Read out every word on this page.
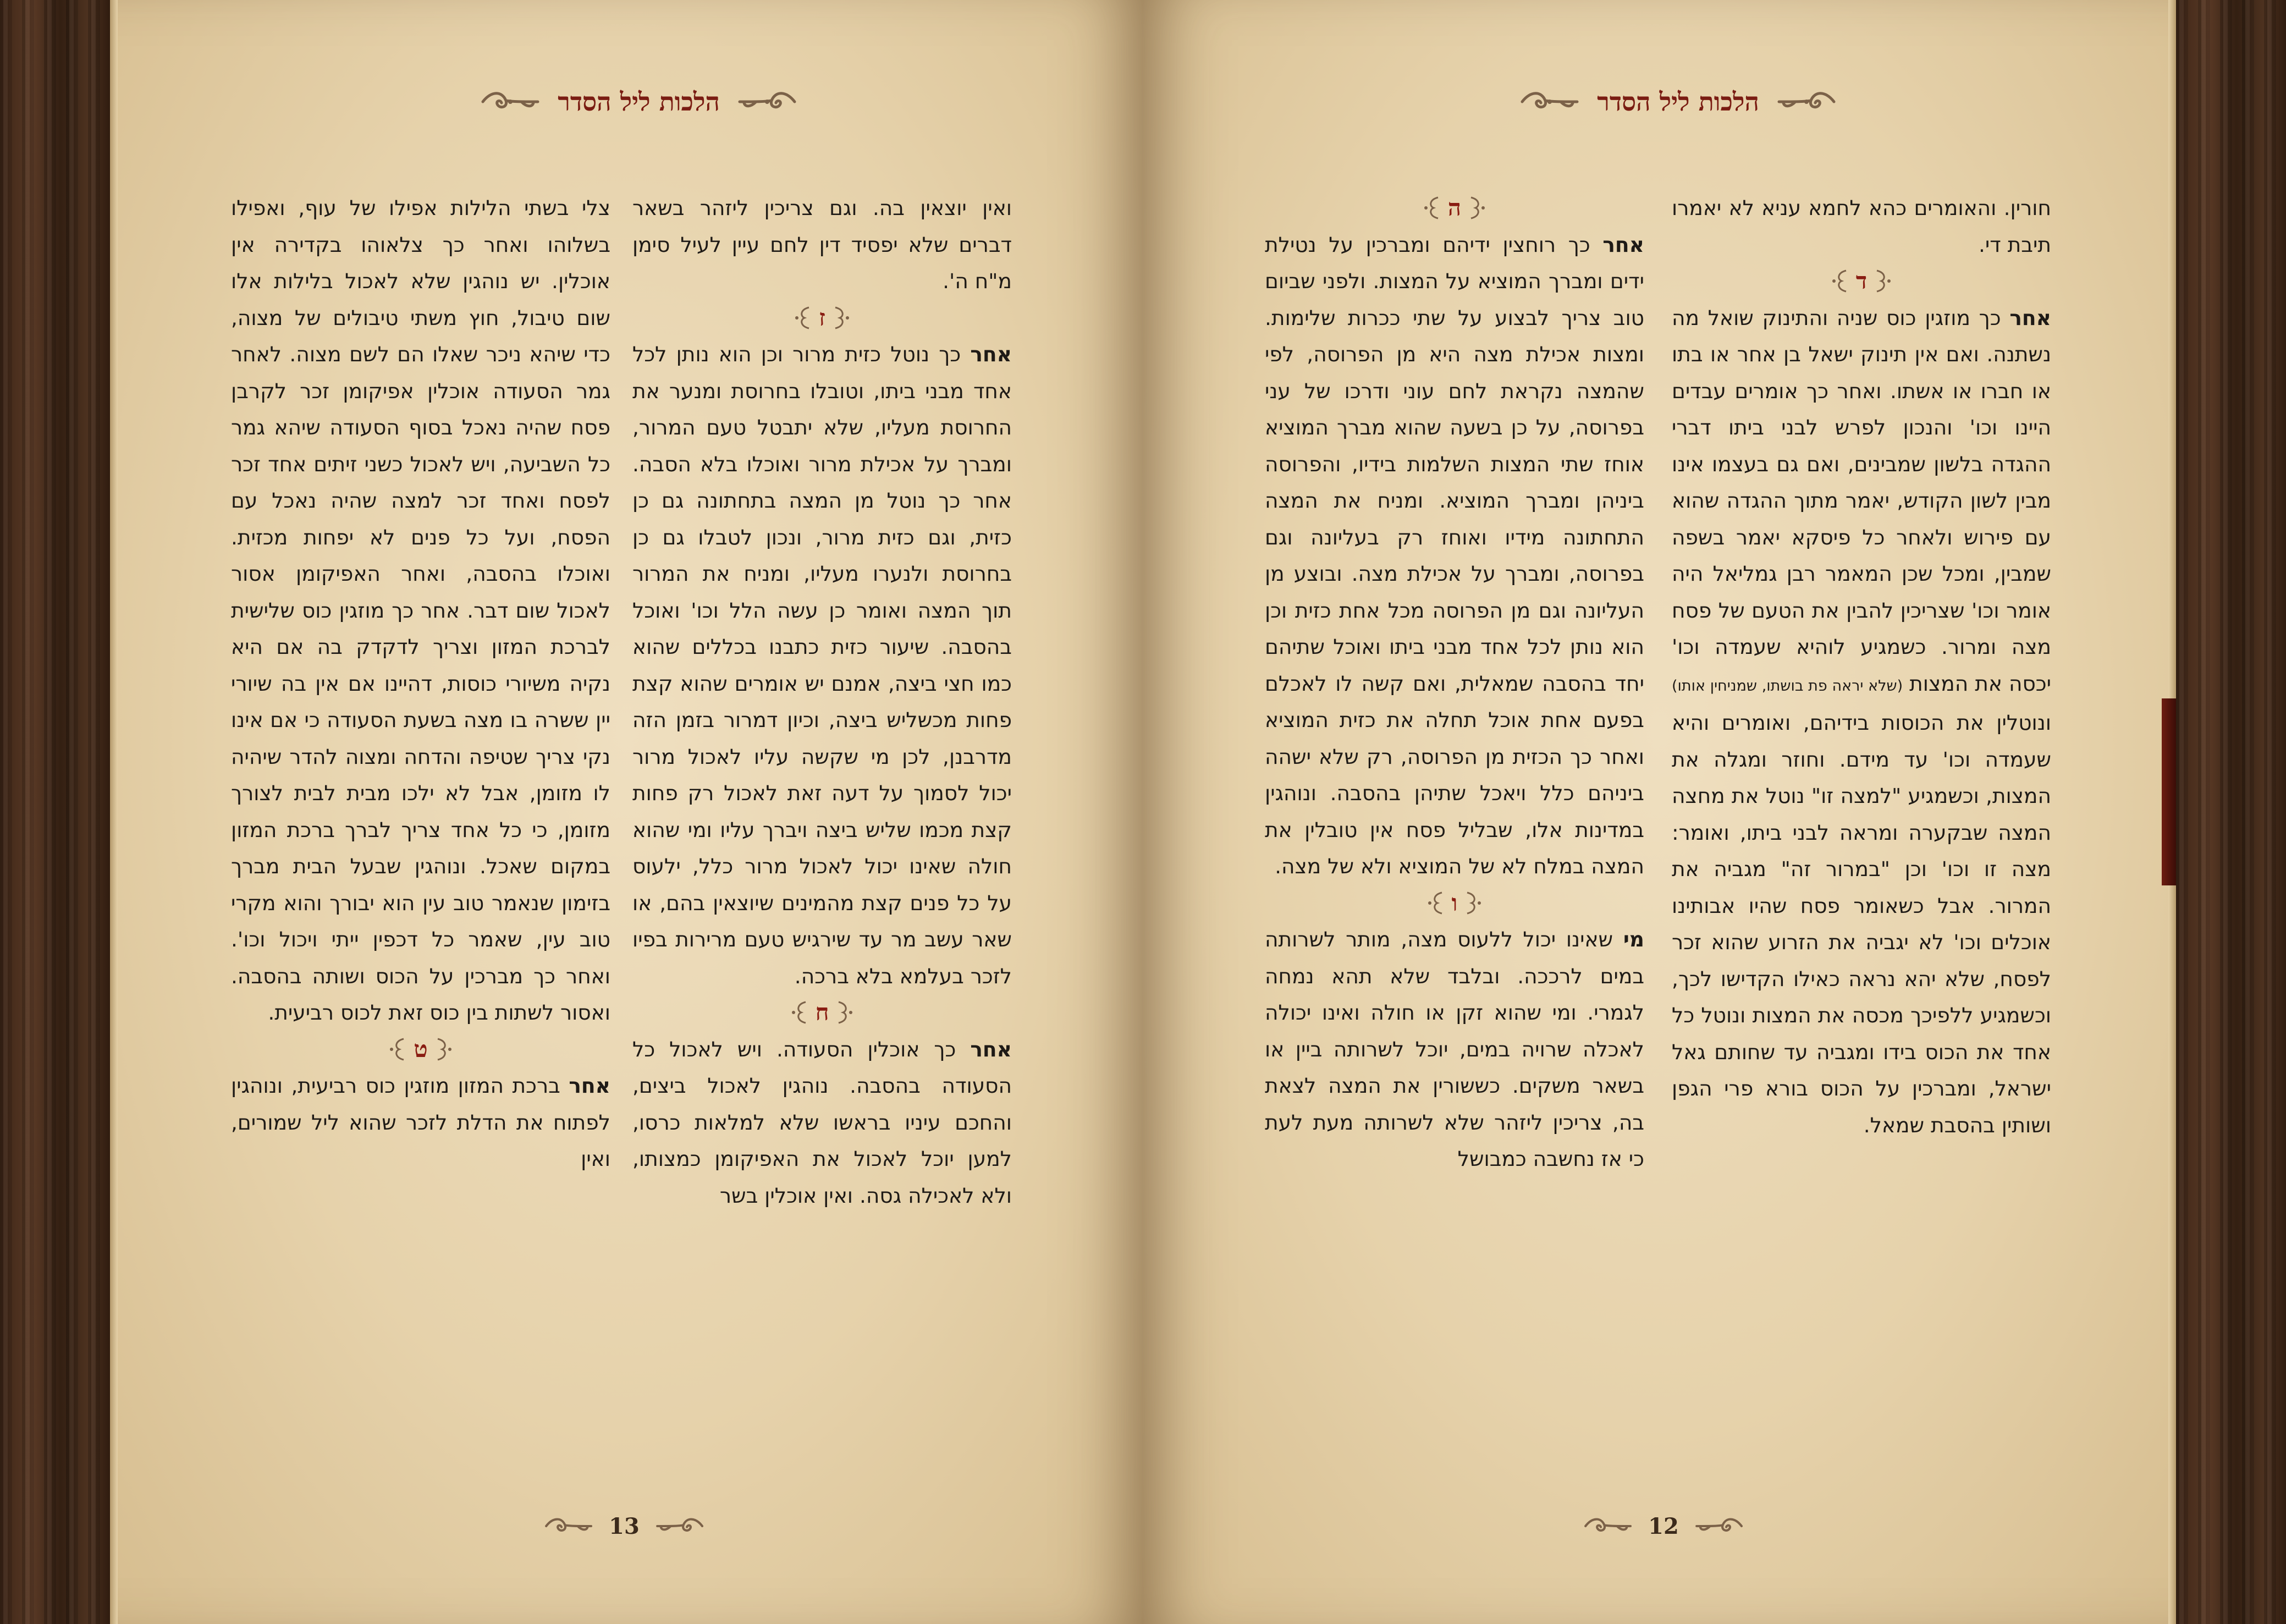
הלכות ליל הסדר	הלכות ליל הסדר

צלי בשתי הלילות אפילו של עוף, ואפילו בשלוהו ואחר כך צלאוהו בקדירה אין אוכלין. יש נוהגין שלא לאכול בלילות אלו שום טיבול, חוץ משתי טיבולים של מצוה, כדי שיהא ניכר שאלו הם לשם מצוה. לאחר גמר הסעודה אוכלין אפיקומן זכר לקרבן פסח שהיה נאכל בסוף הסעודה שיהא גמר כל השביעה, ויש לאכול כשני זיתים אחד זכר לפסח ואחד זכר למצה שהיה נאכל עם הפסח, ועל כל פנים לא יפחות מכזית. ואוכלו בהסבה, ואחר האפיקומן אסור לאכול שום דבר. אחר כך מוזגין כוס שלישית לברכת המזון וצריך לדקדק בה אם היא נקיה משיורי כוסות, דהיינו אם אין בה שיורי יין ששרה בו מצה בשעת הסעודה כי אם אינו נקי צריך שטיפה והדחה ומצוה להדר שיהיה לו מזומן, אבל לא ילכו מבית לבית לצורך מזומן, כי כל אחד צריך לברך ברכת המזון במקום שאכל. ונוהגין שבעל הבית מברך בזימון שנאמר טוב עין הוא יבורך והוא מקרי טוב עין, שאמר כל דכפין ייתי ויכול וכו'. ואחר כך מברכין על הכוס ושותה בהסבה. ואסור לשתות בין כוס זאת לכוס רביעית.

ט

אחר ברכת המזון מוזגין כוס רביעית, ונוהגין לפתוח את הדלת לזכר שהוא ליל שמורים, ואין

ואין יוצאין בה. וגם צריכין ליזהר בשאר דברים שלא יפסיד דין לחם עיין לעיל סימן מ"ח ה'.

ז

אחר כך נוטל כזית מרור וכן הוא נותן לכל אחד מבני ביתו, וטובלו בחרוסת ומנער את החרוסת מעליו, שלא יתבטל טעם המרור, ומברך על אכילת מרור ואוכלו בלא הסבה. אחר כך נוטל מן המצה בתחתונה גם כן כזית, וגם כזית מרור, ונכון לטבלו גם כן בחרוסת ולנערו מעליו, ומניח את המרור תוך המצה ואומר כן עשה הלל וכו' ואוכל בהסבה. שיעור כזית כתבנו בכללים שהוא כמו חצי ביצה, אמנם יש אומרים שהוא קצת פחות מכשליש ביצה, וכיון דמרור בזמן הזה מדרבנן, לכן מי שקשה עליו לאכול מרור יכול לסמוך על דעה זאת לאכול רק פחות קצת מכמו שליש ביצה ויברך עליו ומי שהוא חולה שאינו יכול לאכול מרור כלל, ילעוס על כל פנים קצת מהמינים שיוצאין בהם, או שאר עשב מר עד שירגיש טעם מרירות בפיו לזכר בעלמא בלא ברכה.

ח

אחר כך אוכלין הסעודה. ויש לאכול כל הסעודה בהסבה. נוהגין לאכול ביצים, והחכם עיניו בראשו שלא למלאות כרסו, למען יוכל לאכול את האפיקומן כמצותו, ולא לאכילה גסה. ואין אוכלין בשר

ה

אחר כך רוחצין ידיהם ומברכין על נטילת ידים ומברך המוציא על המצות. ולפני שביום טוב צריך לבצוע על שתי ככרות שלימות. ומצות אכילת מצה היא מן הפרוסה, לפי שהמצה נקראת לחם עוני ודרכו של עני בפרוסה, על כן בשעה שהוא מברך המוציא אוחז שתי המצות השלמות בידיו, והפרוסה ביניהן ומברך המוציא. ומניח את המצה התחתונה מידיו ואוחז רק בעליונה וגם בפרוסה, ומברך על אכילת מצה. ובוצע מן העליונה וגם מן הפרוסה מכל אחת כזית וכן הוא נותן לכל אחד מבני ביתו ואוכל שתיהם יחד בהסבה שמאלית, ואם קשה לו לאכלם בפעם אחת אוכל תחלה את כזית המוציא ואחר כך הכזית מן הפרוסה, רק שלא ישהה ביניהם כלל ויאכל שתיהן בהסבה. ונוהגין במדינות אלו, שבליל פסח אין טובלין את המצה במלח לא של המוציא ולא של מצה.

ו

מי שאינו יכול ללעוס מצה, מותר לשרותה במים לרככה. ובלבד שלא תהא נמחה לגמרי. ומי שהוא זקן או חולה ואינו יכולה לאכלה שרויה במים, יוכל לשרותה ביין או בשאר משקים. כששורין את המצה לצאת בה, צריכין ליזהר שלא לשרותה מעת לעת כי אז נחשבה כמבושל

חורין. והאומרים כהא לחמא עניא לא יאמרו תיבת די.

ד

אחר כך מוזגין כוס שניה והתינוק שואל מה נשתנה. ואם אין תינוק ישאל בן אחר או בתו או חברו או אשתו. ואחר כך אומרים עבדים היינו וכו' והנכון לפרש לבני ביתו דברי ההגדה בלשון שמבינים, ואם גם בעצמו אינו מבין לשון הקודש, יאמר מתוך ההגדה שהוא עם פירוש ולאחר כל פיסקא יאמר בשפה שמבין, ומכל שכן המאמר רבן גמליאל היה אומר וכו' שצריכין להבין את הטעם של פסח מצה ומרור. כשמגיע לוהיא שעמדה וכו' יכסה את המצות (שלא יראה פת בושתו, שמניחין אותו) ונוטלין את הכוסות בידיהם, ואומרים והיא שעמדה וכו' עד מידם. וחוזר ומגלה את המצות, וכשמגיע "למצה זו" נוטל את מחצה המצה שבקערה ומראה לבני ביתו, ואומר: מצה זו וכו' וכן "במרור זה" מגביה את המרור. אבל כשאומר פסח שהיו אבותינו אוכלים וכו' לא יגביה את הזרוע שהוא זכר לפסח, שלא יהא נראה כאילו הקדישו לכך, וכשמגיע ללפיכך מכסה את המצות ונוטל כל אחד את הכוס בידו ומגביה עד שחותם גאל ישראל, ומברכין על הכוס בורא פרי הגפן ושותין בהסבת שמאל.

13	12
